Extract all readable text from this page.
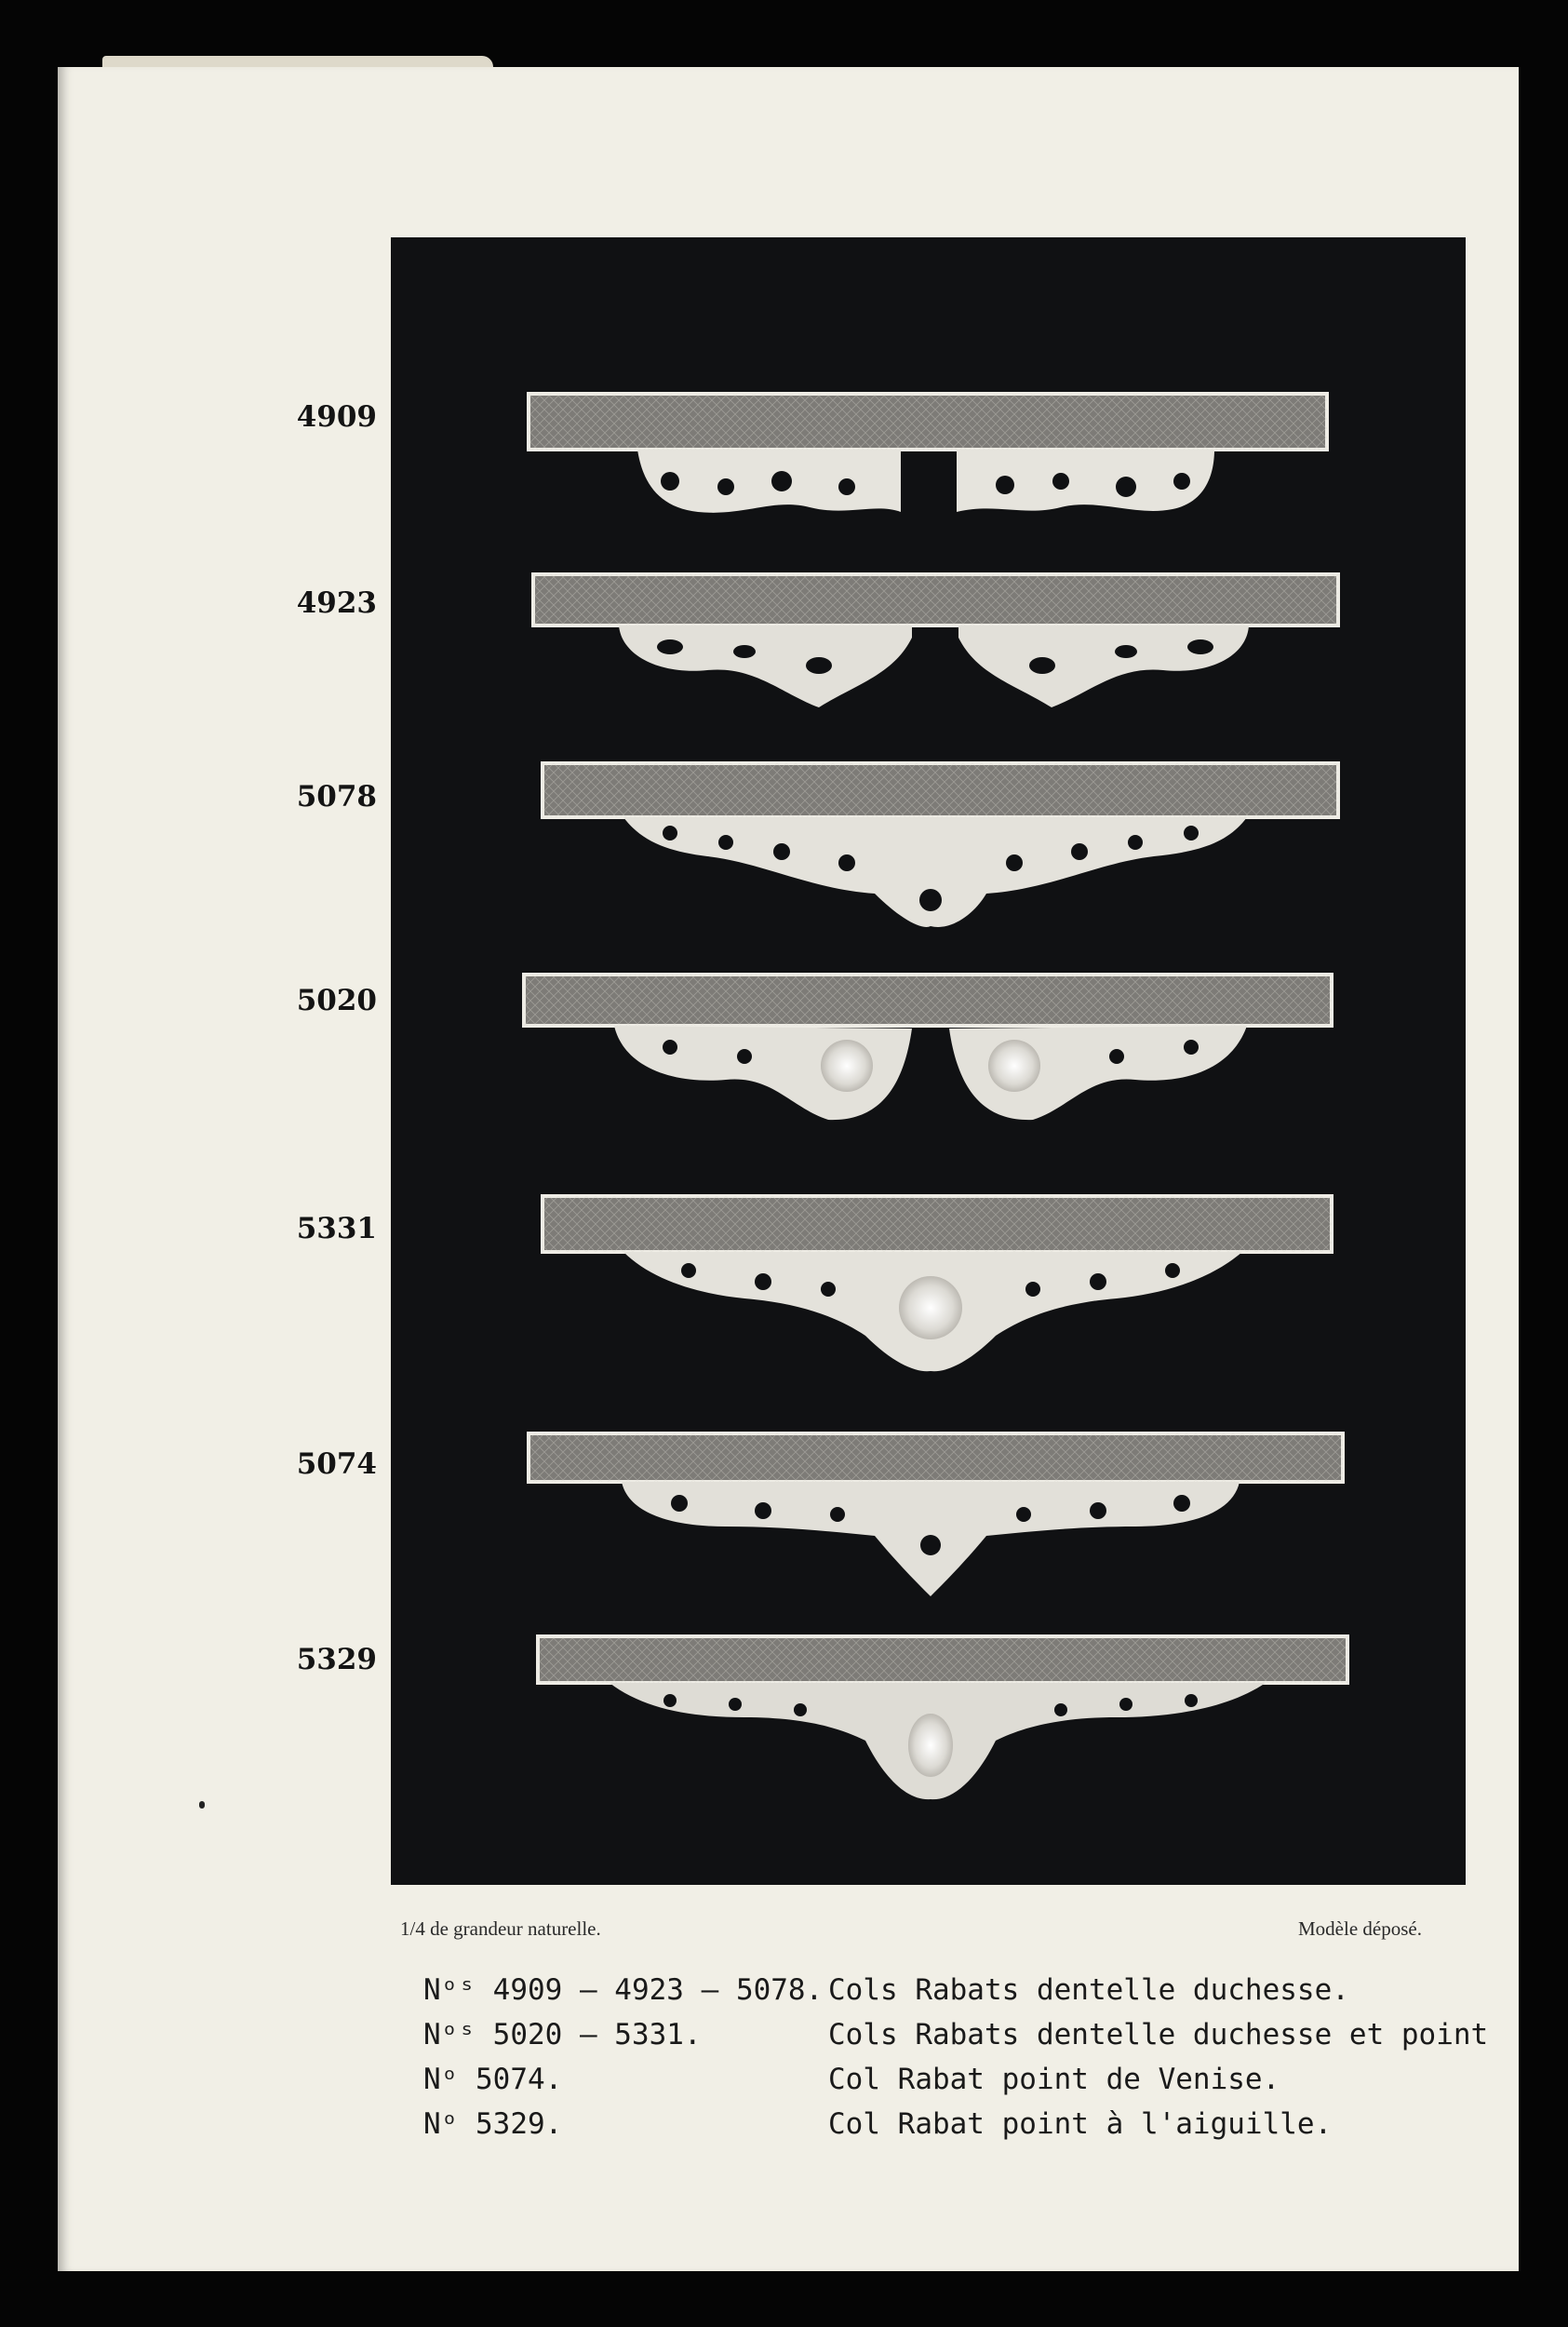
4909
4923
5078
5020
5331
5074
5329
1/4 de grandeur naturelle.	Modèle déposé.
Nᵒˢ 4909 — 4923 — 5078. Cols Rabats dentelle duchesse.
Nᵒˢ 5020 — 5331.	Cols Rabats dentelle duchesse et point
Nᵒ 5074.	Col Rabat point de Venise.
Nᵒ 5329.	Col Rabat point à l'aiguille.
